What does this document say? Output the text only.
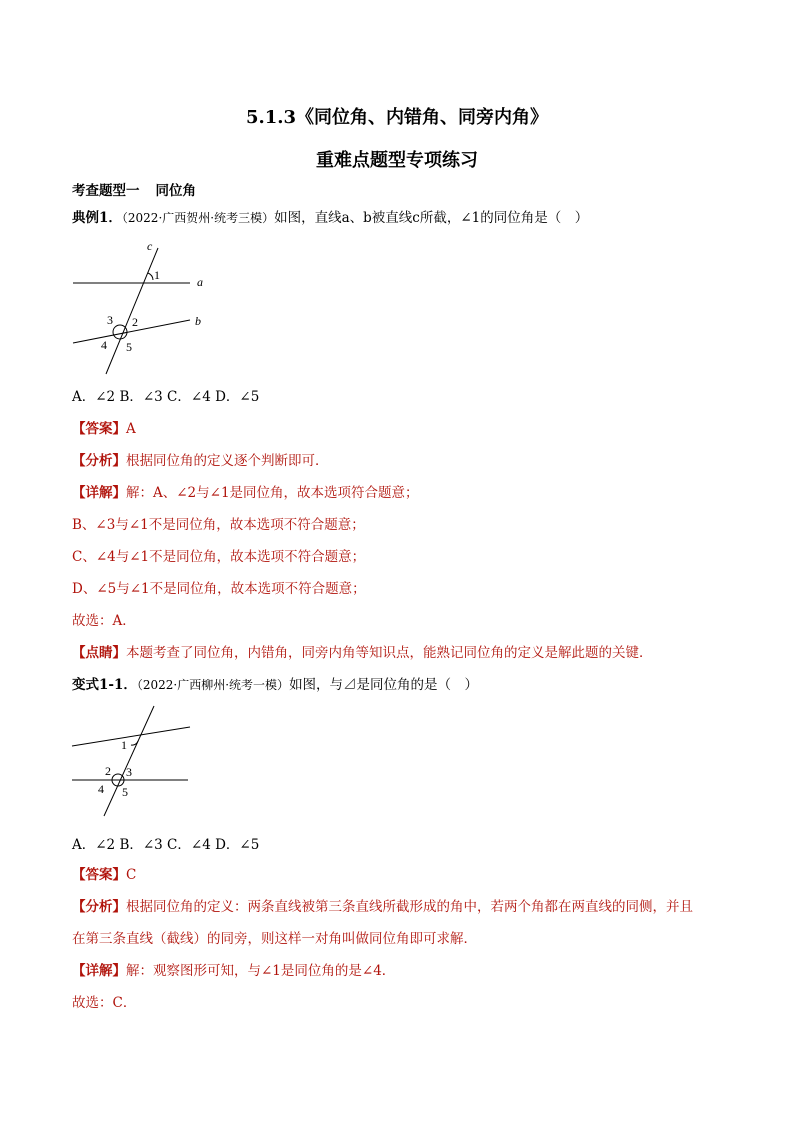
5.1.3《同位角、内错角、同旁内角》
重难点题型专项练习
考查题型一 同位角
典例1．（2022·广西贺州·统考三模）如图，直线a、b被直线c所截，∠1的同位角是（　）
c
a
b
1
2
3
4 5
A．∠2 B．∠3 C．∠4 D．∠5
【答案】A
【分析】根据同位角的定义逐个判断即可．
【详解】解：A、∠2与∠1是同位角，故本选项符合题意；
B、∠3与∠1不是同位角，故本选项不符合题意；
C、∠4与∠1不是同位角，故本选项不符合题意；
D、∠5与∠1不是同位角，故本选项不符合题意；
故选：A．
【点睛】本题考查了同位角，内错角，同旁内角等知识点，能熟记同位角的定义是解此题的关键．
变式1-1．（2022·广西柳州·统考一模）如图，与⊿是同位角的是（　）
1
2 3
4 5
A．∠2 B．∠3 C．∠4 D．∠5
【答案】C
【分析】根据同位角的定义：两条直线被第三条直线所截形成的角中，若两个角都在两直线的同侧，并且
在第三条直线（截线）的同旁，则这样一对角叫做同位角即可求解．
【详解】解：观察图形可知，与∠1是同位角的是∠4．
故选：C．
